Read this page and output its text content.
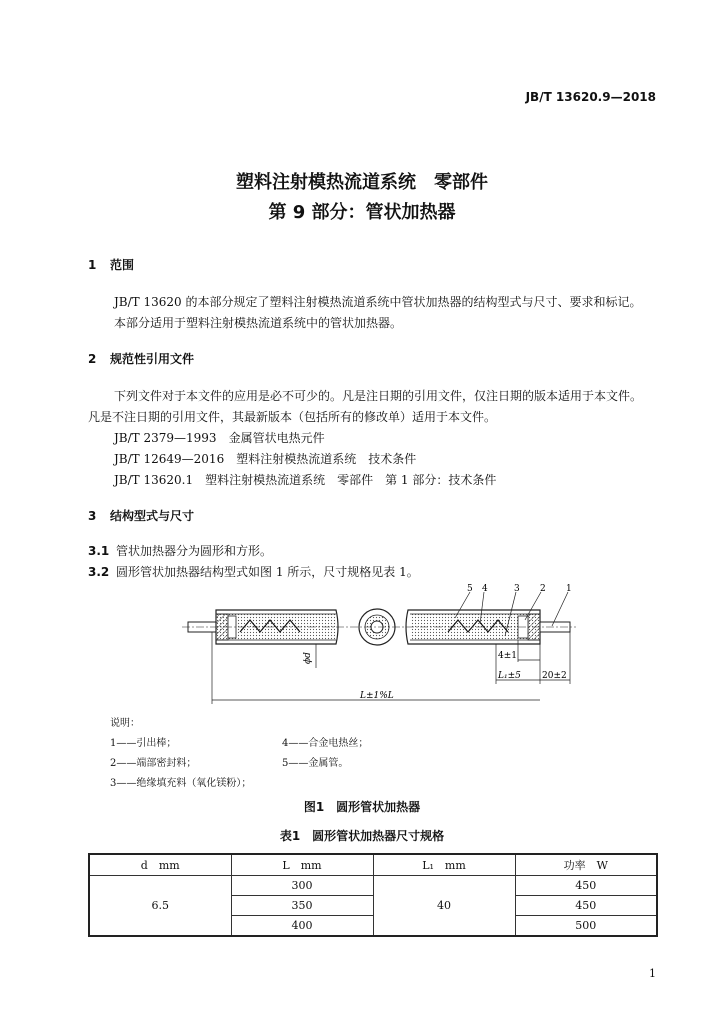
JB/T 13620.9—2018
塑料注射模热流道系统　零部件
第 9 部分：管状加热器
1 范围
JB/T 13620 的本部分规定了塑料注射模热流道系统中管状加热器的结构型式与尺寸、要求和标记。
本部分适用于塑料注射模热流道系统中的管状加热器。
2 规范性引用文件
下列文件对于本文件的应用是必不可少的。凡是注日期的引用文件，仅注日期的版本适用于本文件。
凡是不注日期的引用文件，其最新版本（包括所有的修改单）适用于本文件。
JB/T 2379—1993　金属管状电热元件
JB/T 12649—2016　塑料注射模热流道系统　技术条件
JB/T 13620.1　塑料注射模热流道系统　零部件　第 1 部分：技术条件
3 结构型式与尺寸
3.1 管状加热器分为圆形和方形。
3.2 圆形管状加热器结构型式如图 1 所示，尺寸规格见表 1。
5 4	3 2 1
ϕd	4±1
L₁±5 20±2
L±1%L
说明：
1——引出棒；	4——合金电热丝；
2——端部密封料；	5——金属管。
3——绝缘填充料（氧化镁粉）；
图1　圆形管状加热器
表1　圆形管状加热器尺寸规格
d　mm	L　mm	L₁　mm	功率　W
6.5	300	40	450
	350		450
	400		500
1
